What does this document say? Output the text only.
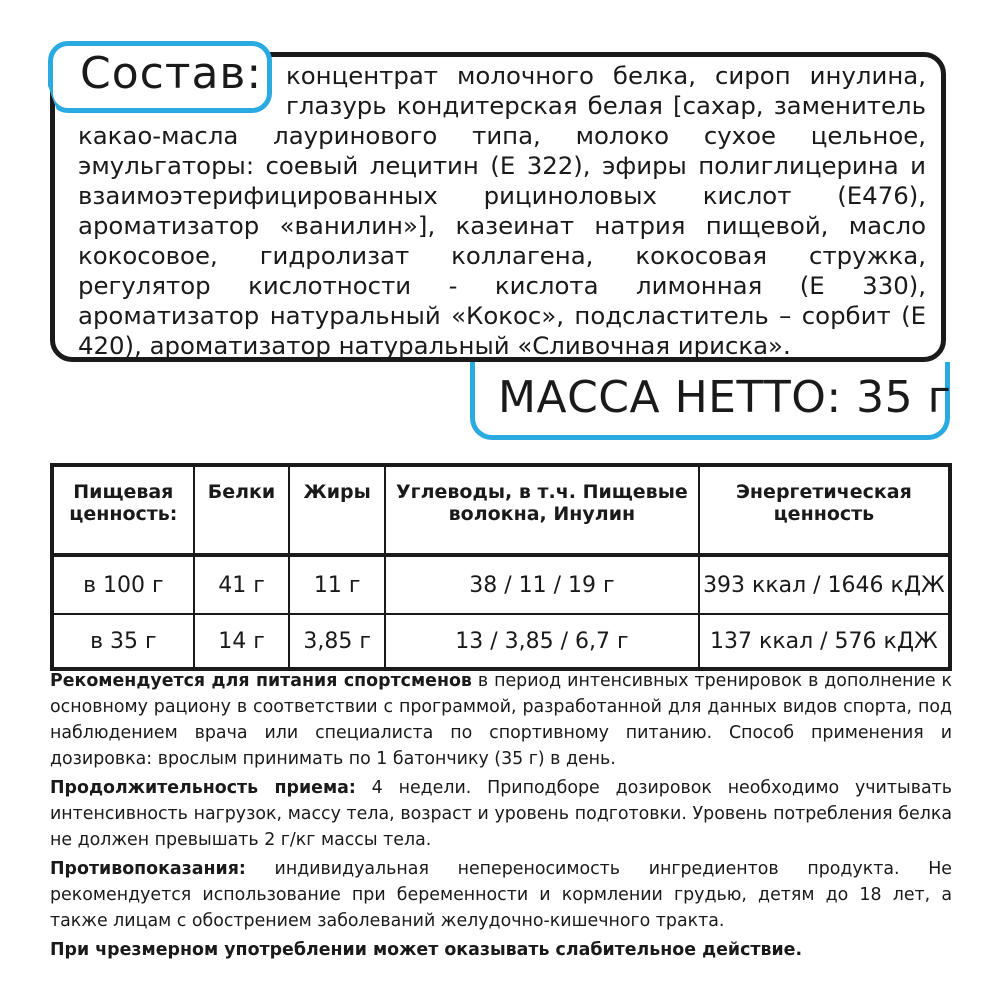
Состав: концентрат молочного белка, сироп инулина, глазурь кондитерская белая [сахар, заменитель какао-масла лауринового типа, молоко сухое цельное, эмульгаторы: соевый лецитин (Е 322), эфиры полиглицерина и взаимоэтерифицированных рициноловых кислот (Е476), ароматизатор «ванилин»], казеинат натрия пищевой, масло кокосовое, гидролизат коллагена, кокосовая стружка, регулятор кислотности - кислота лимонная (Е 330), ароматизатор натуральный «Кокос», подсластитель – сорбит (Е 420), ароматизатор натуральный «Сливочная ириска».
МАССА НЕТТО: 35 г
Пищевая ценность:	Белки	Жиры	Углеводы, в т.ч. Пищевые волокна, Инулин	Энергетическая ценность
в 100 г	41 г	11 г	38 / 11 / 19 г	393 ккал / 1646 кДЖ
в 35 г	14 г	3,85 г	13 / 3,85 / 6,7 г	137 ккал / 576 кДЖ

Рекомендуется для питания спортсменов в период интенсивных тренировок в дополнение к основному рациону в соответствии с программой, разработанной для данных видов спорта, под наблюдением врача или специалиста по спортивному питанию. Способ применения и дозировка: врослым принимать по 1 батончику (35 г) в день.

Продолжительность приема: 4 недели. Приподборе дозировок необходимо учитывать интенсивность нагрузок, массу тела, возраст и уровень подготовки. Уровень потребления белка не должен превышать 2 г/кг массы тела.

Противопоказания: индивидуальная непереносимость ингредиентов продукта. Не рекомендуется использование при беременности и кормлении грудью, детям до 18 лет, а также лицам с обострением заболеваний желудочно-кишечного тракта.

При чрезмерном употреблении может оказывать слабительное действие.
